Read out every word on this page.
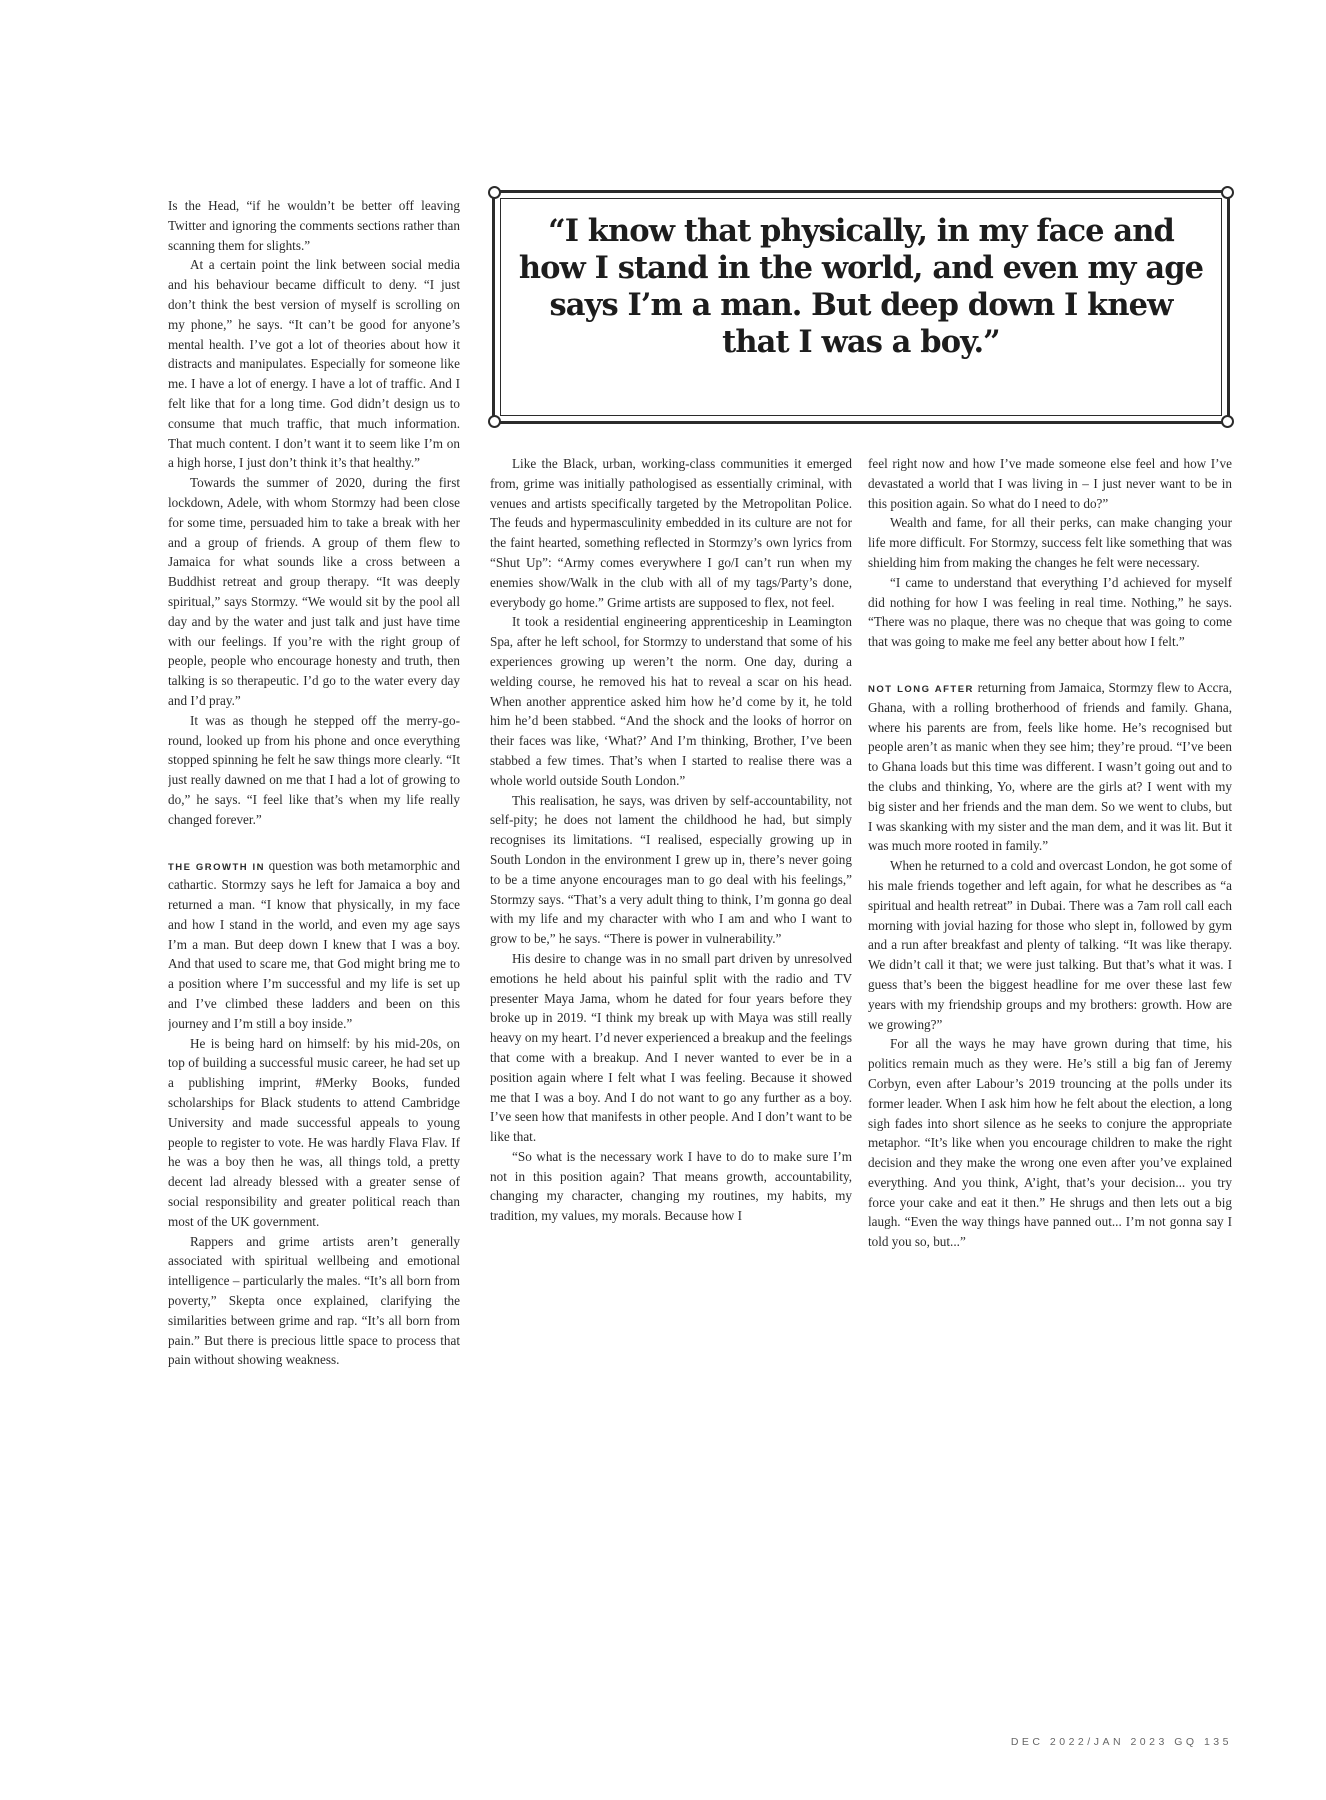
Is the Head, “if he wouldn’t be better off leaving Twitter and ignoring the comments sections rather than scanning them for slights.”

At a certain point the link between social media and his behaviour became difficult to deny. “I just don’t think the best version of myself is scrolling on my phone,” he says. “It can’t be good for anyone’s mental health. I’ve got a lot of theories about how it distracts and manipulates. Especially for someone like me. I have a lot of energy. I have a lot of traffic. And I felt like that for a long time. God didn’t design us to consume that much traffic, that much information. That much content. I don’t want it to seem like I’m on a high horse, I just don’t think it’s that healthy.”

Towards the summer of 2020, during the first lockdown, Adele, with whom Stormzy had been close for some time, persuaded him to take a break with her and a group of friends. A group of them flew to Jamaica for what sounds like a cross between a Buddhist retreat and group therapy. “It was deeply spiritual,” says Stormzy. “We would sit by the pool all day and by the water and just talk and just have time with our feelings. If you’re with the right group of people, people who encourage honesty and truth, then talking is so therapeutic. I’d go to the water every day and I’d pray.”

It was as though he stepped off the merry-go-round, looked up from his phone and once everything stopped spinning he felt he saw things more clearly. “It just really dawned on me that I had a lot of growing to do,” he says. “I feel like that’s when my life really changed forever.”

THE GROWTH IN question was both metamorphic and cathartic. Stormzy says he left for Jamaica a boy and returned a man. “I know that physically, in my face and how I stand in the world, and even my age says I’m a man. But deep down I knew that I was a boy. And that used to scare me, that God might bring me to a position where I’m successful and my life is set up and I’ve climbed these ladders and been on this journey and I’m still a boy inside.”

He is being hard on himself: by his mid-20s, on top of building a successful music career, he had set up a publishing imprint, #Merky Books, funded scholarships for Black students to attend Cambridge University and made successful appeals to young people to register to vote. He was hardly Flava Flav. If he was a boy then he was, all things told, a pretty decent lad already blessed with a greater sense of social responsibility and greater political reach than most of the UK government.

Rappers and grime artists aren’t generally associated with spiritual wellbeing and emotional intelligence – particularly the males. “It’s all born from poverty,” Skepta once explained, clarifying the similarities between grime and rap. “It’s all born from pain.” But there is precious little space to process that pain without showing weakness.

“I know that physically, in my face and how I stand in the world, and even my age says I’m a man. But deep down I knew that I was a boy.”

Like the Black, urban, working-class communities it emerged from, grime was initially pathologised as essentially criminal, with venues and artists specifically targeted by the Metropolitan Police. The feuds and hypermasculinity embedded in its culture are not for the faint hearted, something reflected in Stormzy’s own lyrics from “Shut Up”: “Army comes everywhere I go/I can’t run when my enemies show/Walk in the club with all of my tags/Party’s done, everybody go home.” Grime artists are supposed to flex, not feel.

It took a residential engineering apprenticeship in Leamington Spa, after he left school, for Stormzy to understand that some of his experiences growing up weren’t the norm. One day, during a welding course, he removed his hat to reveal a scar on his head. When another apprentice asked him how he’d come by it, he told him he’d been stabbed. “And the shock and the looks of horror on their faces was like, ‘What?’ And I’m thinking, Brother, I’ve been stabbed a few times. That’s when I started to realise there was a whole world outside South London.”

This realisation, he says, was driven by self-accountability, not self-pity; he does not lament the childhood he had, but simply recognises its limitations. “I realised, especially growing up in South London in the environment I grew up in, there’s never going to be a time anyone encourages man to go deal with his feelings,” Stormzy says. “That’s a very adult thing to think, I’m gonna go deal with my life and my character with who I am and who I want to grow to be,” he says. “There is power in vulnerability.”

His desire to change was in no small part driven by unresolved emotions he held about his painful split with the radio and TV presenter Maya Jama, whom he dated for four years before they broke up in 2019. “I think my break up with Maya was still really heavy on my heart. I’d never experienced a breakup and the feelings that come with a breakup. And I never wanted to ever be in a position again where I felt what I was feeling. Because it showed me that I was a boy. And I do not want to go any further as a boy. I’ve seen how that manifests in other people. And I don’t want to be like that.

“So what is the necessary work I have to do to make sure I’m not in this position again? That means growth, accountability, changing my character, changing my routines, my habits, my tradition, my values, my morals. Because how I

feel right now and how I’ve made someone else feel and how I’ve devastated a world that I was living in – I just never want to be in this position again. So what do I need to do?”

Wealth and fame, for all their perks, can make changing your life more difficult. For Stormzy, success felt like something that was shielding him from making the changes he felt were necessary.

“I came to understand that everything I’d achieved for myself did nothing for how I was feeling in real time. Nothing,” he says. “There was no plaque, there was no cheque that was going to come that was going to make me feel any better about how I felt.”

NOT LONG AFTER returning from Jamaica, Stormzy flew to Accra, Ghana, with a rolling brotherhood of friends and family. Ghana, where his parents are from, feels like home. He’s recognised but people aren’t as manic when they see him; they’re proud. “I’ve been to Ghana loads but this time was different. I wasn’t going out and to the clubs and thinking, Yo, where are the girls at? I went with my big sister and her friends and the man dem. So we went to clubs, but I was skanking with my sister and the man dem, and it was lit. But it was much more rooted in family.”

When he returned to a cold and overcast London, he got some of his male friends together and left again, for what he describes as “a spiritual and health retreat” in Dubai. There was a 7am roll call each morning with jovial hazing for those who slept in, followed by gym and a run after breakfast and plenty of talking. “It was like therapy. We didn’t call it that; we were just talking. But that’s what it was. I guess that’s been the biggest headline for me over these last few years with my friendship groups and my brothers: growth. How are we growing?”

For all the ways he may have grown during that time, his politics remain much as they were. He’s still a big fan of Jeremy Corbyn, even after Labour’s 2019 trouncing at the polls under its former leader. When I ask him how he felt about the election, a long sigh fades into short silence as he seeks to conjure the appropriate metaphor. “It’s like when you encourage children to make the right decision and they make the wrong one even after you’ve explained everything. And you think, A’ight, that’s your decision... you try force your cake and eat it then.” He shrugs and then lets out a big laugh. “Even the way things have panned out... I’m not gonna say I told you so, but...”

DEC 2022/JAN 2023 GQ 135
